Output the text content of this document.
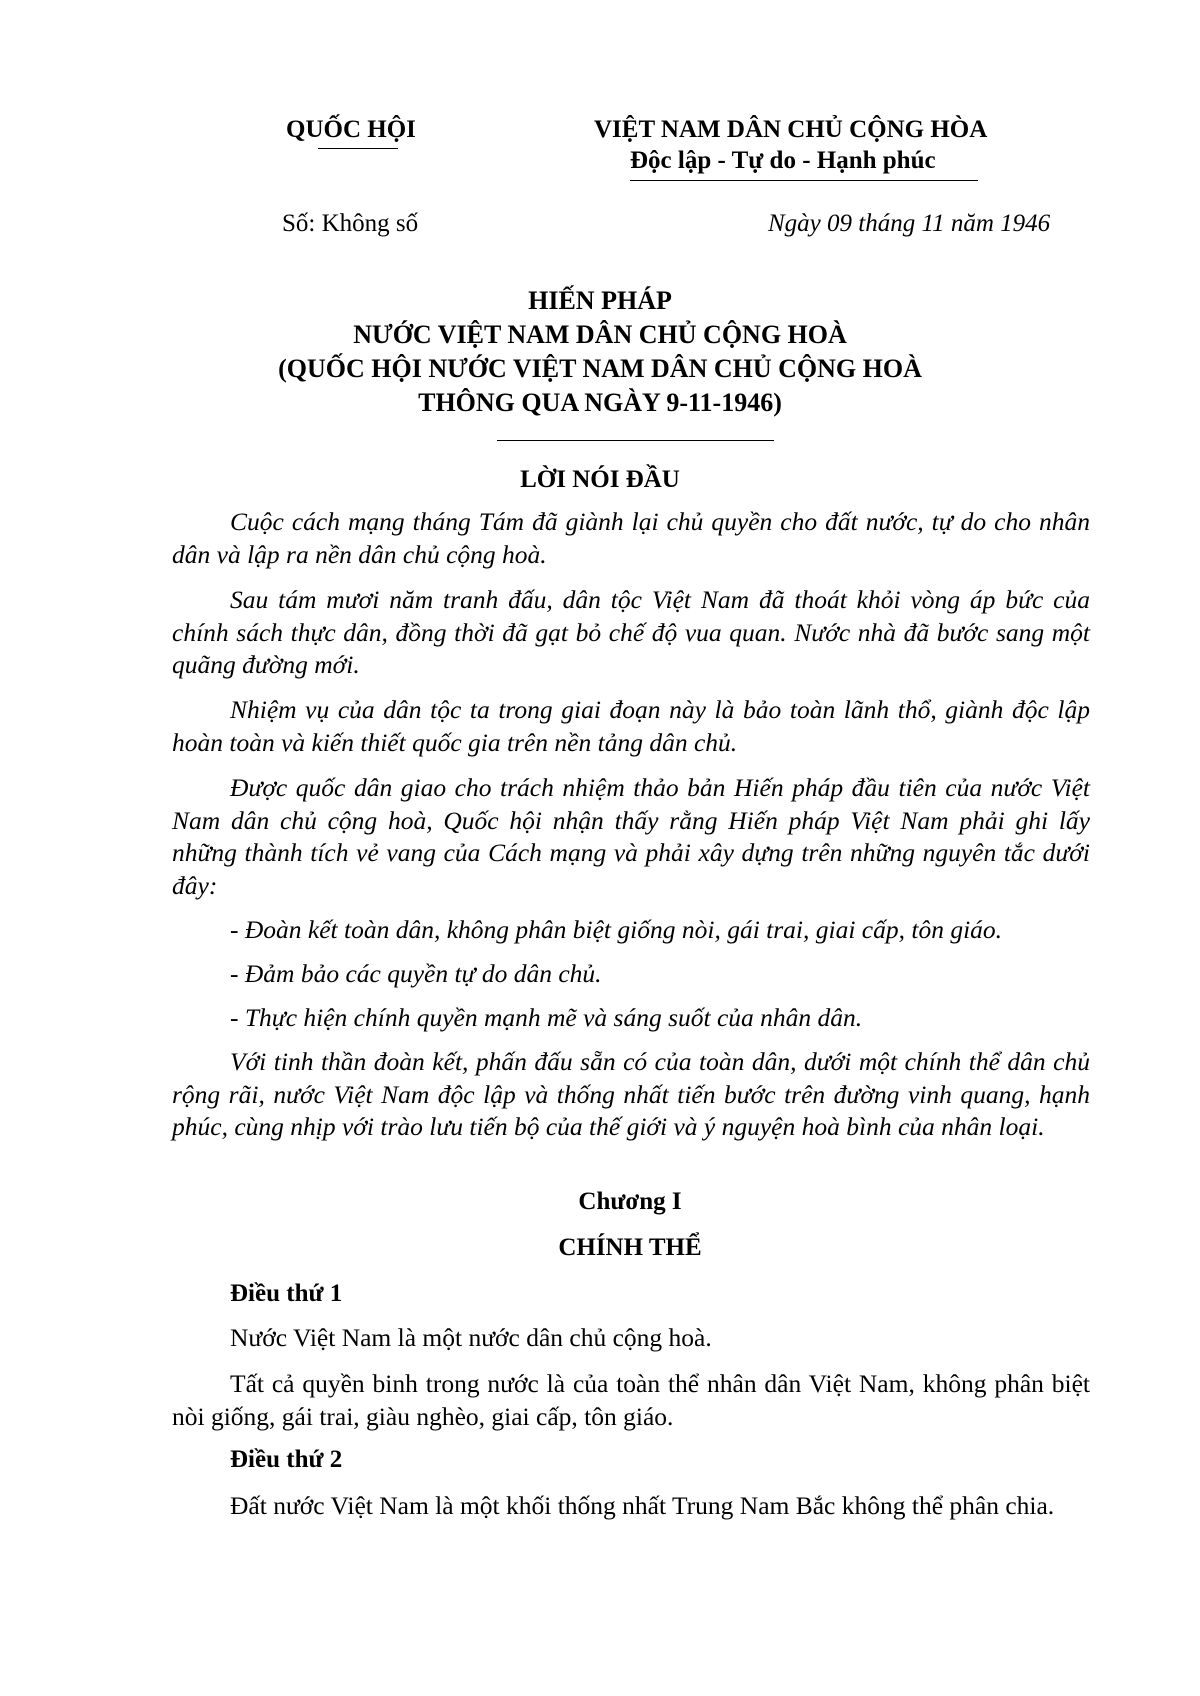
QUỐC HỘI	VIỆT NAM DÂN CHỦ CỘNG HÒA
Độc lập - Tự do - Hạnh phúc
Số: Không số	Ngày 09 tháng 11 năm 1946
HIẾN PHÁP
NƯỚC VIỆT NAM DÂN CHỦ CỘNG HOÀ
(QUỐC HỘI NƯỚC VIỆT NAM DÂN CHỦ CỘNG HOÀ
THÔNG QUA NGÀY 9-11-1946)
LỜI NÓI ĐẦU

Cuộc cách mạng tháng Tám đã giành lại chủ quyền cho đất nước, tự do cho nhân dân và lập ra nền dân chủ cộng hoà.

Sau tám mươi năm tranh đấu, dân tộc Việt Nam đã thoát khỏi vòng áp bức của chính sách thực dân, đồng thời đã gạt bỏ chế độ vua quan. Nước nhà đã bước sang một quãng đường mới.

Nhiệm vụ của dân tộc ta trong giai đoạn này là bảo toàn lãnh thổ, giành độc lập hoàn toàn và kiến thiết quốc gia trên nền tảng dân chủ.

Được quốc dân giao cho trách nhiệm thảo bản Hiến pháp đầu tiên của nước Việt Nam dân chủ cộng hoà, Quốc hội nhận thấy rằng Hiến pháp Việt Nam phải ghi lấy những thành tích vẻ vang của Cách mạng và phải xây dựng trên những nguyên tắc dưới đây:

- Đoàn kết toàn dân, không phân biệt giống nòi, gái trai, giai cấp, tôn giáo.

- Đảm bảo các quyền tự do dân chủ.

- Thực hiện chính quyền mạnh mẽ và sáng suốt của nhân dân.

Với tinh thần đoàn kết, phấn đấu sẵn có của toàn dân, dưới một chính thể dân chủ rộng rãi, nước Việt Nam độc lập và thống nhất tiến bước trên đường vinh quang, hạnh phúc, cùng nhịp với trào lưu tiến bộ của thế giới và ý nguyện hoà bình của nhân loại.

Chương I
CHÍNH THỂ
Điều thứ 1

Nước Việt Nam là một nước dân chủ cộng hoà.

Tất cả quyền binh trong nước là của toàn thể nhân dân Việt Nam, không phân biệt nòi giống, gái trai, giàu nghèo, giai cấp, tôn giáo.

Điều thứ 2

Đất nước Việt Nam là một khối thống nhất Trung Nam Bắc không thể phân chia.
